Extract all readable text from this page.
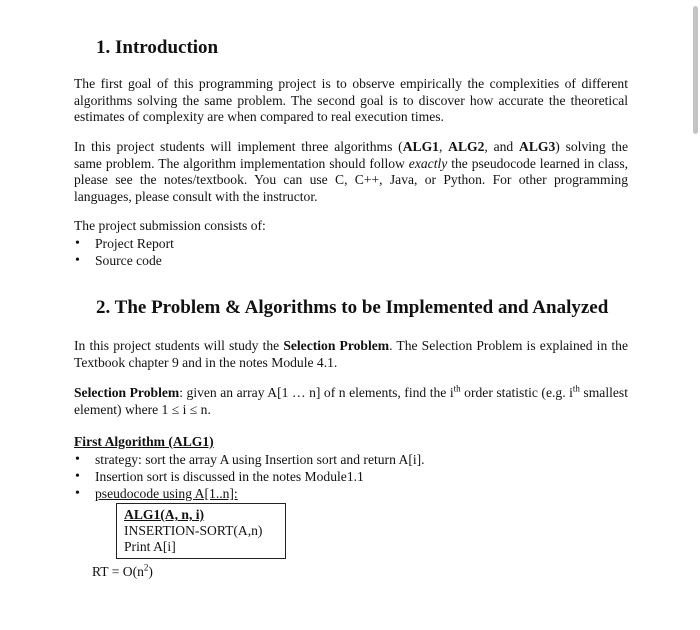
1. Introduction
The first goal of this programming project is to observe empirically the complexities of different algorithms solving the same problem. The second goal is to discover how accurate the theoretical estimates of complexity are when compared to real execution times.
In this project students will implement three algorithms (ALG1, ALG2, and ALG3) solving the same problem. The algorithm implementation should follow exactly the pseudocode learned in class, please see the notes/textbook. You can use C, C++, Java, or Python. For other programming languages, please consult with the instructor.
The project submission consists of:
• Project Report
• Source code
2. The Problem & Algorithms to be Implemented and Analyzed
In this project students will study the Selection Problem. The Selection Problem is explained in the Textbook chapter 9 and in the notes Module 4.1.
Selection Problem: given an array A[1 … n] of n elements, find the $i^{th}$ order statistic (e.g. $i^{th}$ smallest element) where 1 ≤ i ≤ n.
First Algorithm (ALG1)
• strategy: sort the array A using Insertion sort and return A[i].
• Insertion sort is discussed in the notes Module1.1
• pseudocode using A[1..n]:
ALG1(A, n, i)
INSERTION-SORT(A,n)
Print A[i]
RT = $O(n^2)$
